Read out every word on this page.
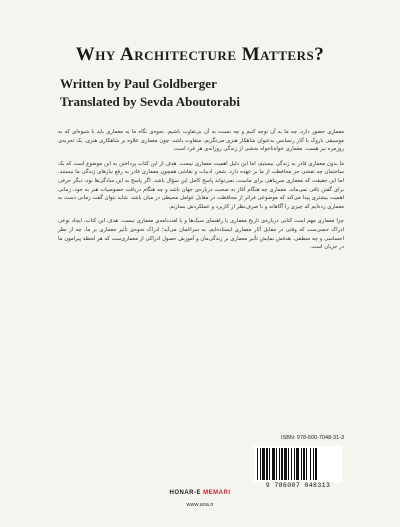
Why Architecture Matters?
Written by Paul Goldberger
Translated by Sevda Aboutorabi

معماری حضور دارد، چه ما به آن توجه کنیم و چه نسبت به آن بی‌تفاوت باشیم. نحوه‌ی نگاه ما به معماری باید با شیوه‌ای که به موسیقی باروک یا آثار رنسانس به‌عنوان شاهکار هنری می‌نگریم، متفاوت باشد، چون معماری علاوه بر شاهکاری هنری، یک تجربه‌ی روزمره نیز هست. معماری خواه‌ناخواه بخشی از زندگی روزانه‌ی هر فرد است.

ما بدون معماری قادر به زندگی نیستیم، اما این دلیل اهمیت معماری نیست. هدف از این کتاب پرداختن به این موضوع است که یک ساختمان چه نقشی جز محافظت از ما بر عهده دارد. شعر، ادبیات و نقاشی همچون معماری قادر به رفع نیازهای زندگی ما نیستند. اما این حقیقت که معماری سرپناهی برای ماست، نمی‌تواند پاسخ کامل این سؤال باشد. اگر پاسخ به این سادگی‌ها بود، دیگر حرفی برای گفتن باقی نمی‌ماند. معماری چه هنگام آغاز به صحبت درباره‌ی جهان باشد و چه هنگام دریافت خصوصیات هنر به خود، زمانی اهمیت بیشتری پیدا می‌کند که موضوعی فراتر از محافظت در مقابل عوامل محیطی در میان باشد. شاید بتوان گفت زمانی دست به معماری زده‌ایم که چیزی را آگاهانه و با صرف‌نظر از کاربرد و عملکردش بسازیم.

چرا معماری مهم است کتابی درباره‌ی تاریخ معماری یا راهنمای سبک‌ها و یا لغت‌نامه‌ی معماری نیست. هدف این کتاب، ایجاد نوعی ادراک حسی‌ست که وقتی در مقابل آثار معماری ایستاده‌ایم، به سراغمان می‌آید؛ ادراک نحوه‌ی تأثیر معماری بر ما، چه از نظر احساسی و چه منطقی. هدفش نمایش تأثیر معماری بر زندگی‌مان و آموزش حصول ادراکی از معماری‌ست که هر لحظه پیرامون ما در جریان است.

ISBN: 978-600-7048-31-3
9 786007 048313
HONAR-E MEMARI
www.aoa.ir
